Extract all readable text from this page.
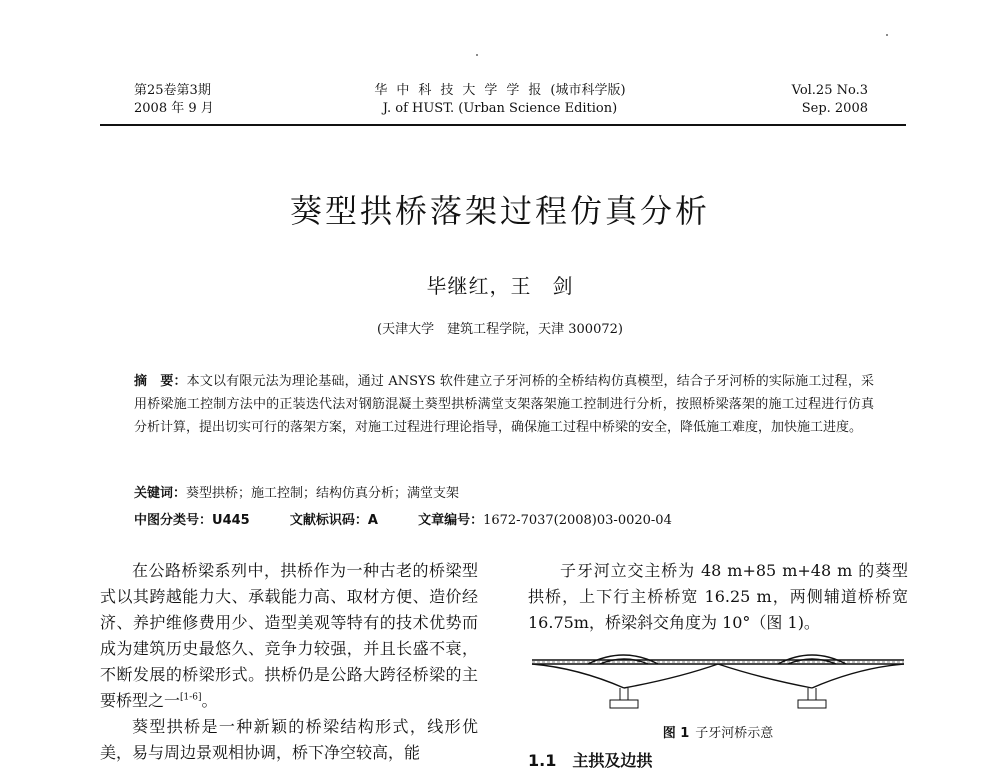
第25卷第3期
2008 年 9 月
华中科技大学学报(城市科学版)
J. of HUST. (Urban Science Edition)
Vol.25 No.3
Sep. 2008
葵型拱桥落架过程仿真分析
毕继红，王　剑
(天津大学　建筑工程学院，天津 300072)
摘　要：本文以有限元法为理论基础，通过 ANSYS 软件建立子牙河桥的全桥结构仿真模型，结合子牙河桥的实际施工过程，采用桥梁施工控制方法中的正装迭代法对钢筋混凝土葵型拱桥满堂支架落架施工控制进行分析，按照桥梁落架的施工过程进行仿真分析计算，提出切实可行的落架方案，对施工过程进行理论指导，确保施工过程中桥梁的安全，降低施工难度，加快施工进度。
关键词：葵型拱桥；施工控制；结构仿真分析；满堂支架
中图分类号：U445	文献标识码：A	文章编号：1672-7037(2008)03-0020-04

在公路桥梁系列中，拱桥作为一种古老的桥梁型式以其跨越能力大、承载能力高、取材方便、造价经济、养护维修费用少、造型美观等特有的技术优势而成为建筑历史最悠久、竞争力较强，并且长盛不衰，不断发展的桥梁形式。拱桥仍是公路大跨径桥梁的主要桥型之一[1-6]。

葵型拱桥是一种新颖的桥梁结构形式，线形优美，易与周边景观相协调，桥下净空较高，能

子牙河立交主桥为 48 m+85 m+48 m 的葵型拱桥，上下行主桥桥宽 16.25 m，两侧辅道桥桥宽 16.75m，桥梁斜交角度为 10°（图 1)。

图 1 子牙河桥示意
1.1　主拱及边拱
